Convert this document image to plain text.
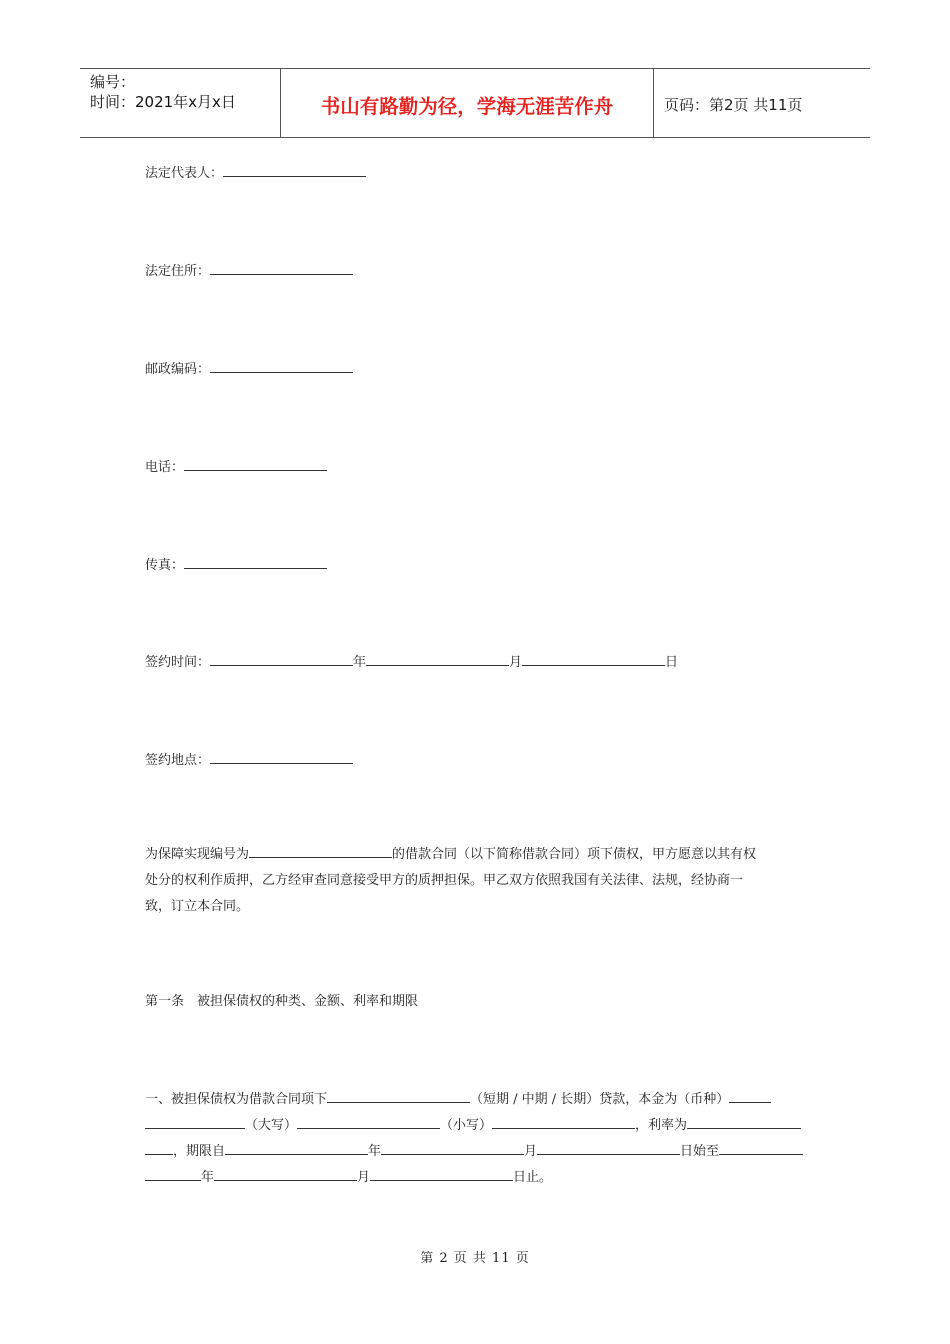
编号：
时间：2021年x月x日	书山有路勤为径，学海无涯苦作舟	页码：第2页 共11页
法定代表人：
法定住所：
邮政编码：
电话：
传真：
签约时间：	年	月	日
签约地点：
为保障实现编号为	的借款合同（以下简称借款合同）项下债权，甲方愿意以其有权
处分的权利作质押，乙方经审查同意接受甲方的质押担保。甲乙双方依照我国有关法律、法规，经协商一
致，订立本合同。
第一条　被担保债权的种类、金额、利率和期限
一、被担保债权为借款合同项下	（短期 / 中期 / 长期）贷款，本金为（币种）
（大写）	（小写）	，利率为
，期限自	年	月	日始至
年	月	日止。
第 2 页 共 11 页
